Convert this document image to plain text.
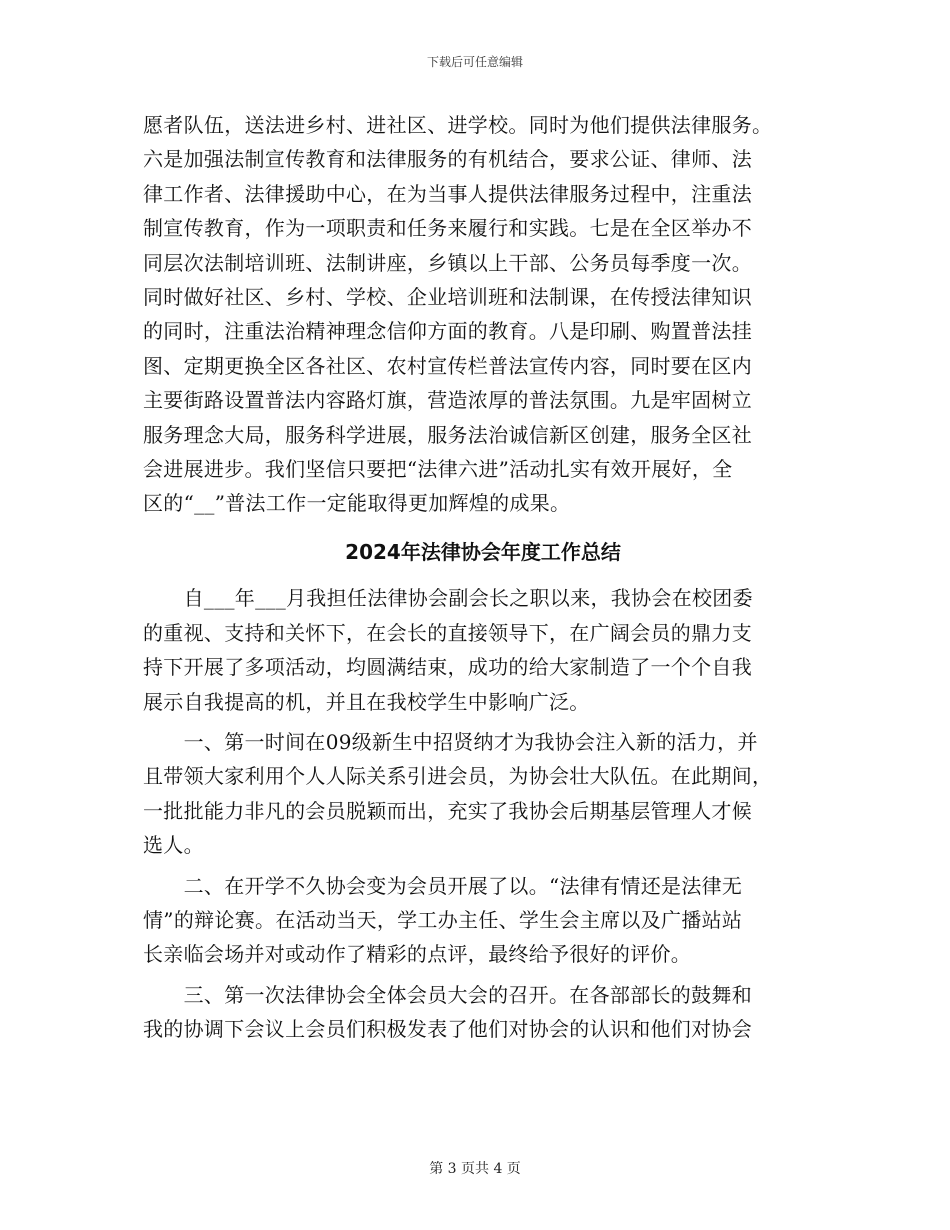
下载后可任意编辑
愿者队伍，送法进乡村、进社区、进学校。同时为他们提供法律服务。
六是加强法制宣传教育和法律服务的有机结合，要求公证、律师、法
律工作者、法律援助中心，在为当事人提供法律服务过程中，注重法
制宣传教育，作为一项职责和任务来履行和实践。七是在全区举办不
同层次法制培训班、法制讲座，乡镇以上干部、公务员每季度一次。
同时做好社区、乡村、学校、企业培训班和法制课，在传授法律知识
的同时，注重法治精神理念信仰方面的教育。八是印刷、购置普法挂
图、定期更换全区各社区、农村宣传栏普法宣传内容，同时要在区内
主要街路设置普法内容路灯旗，营造浓厚的普法氛围。九是牢固树立
服务理念大局，服务科学进展，服务法治诚信新区创建，服务全区社
会进展进步。我们坚信只要把“法律六进”活动扎实有效开展好，全
区的“__”普法工作一定能取得更加辉煌的成果。
2024年法律协会年度工作总结
　　自___年___月我担任法律协会副会长之职以来，我协会在校团委
的重视、支持和关怀下，在会长的直接领导下，在广阔会员的鼎力支
持下开展了多项活动，均圆满结束，成功的给大家制造了一个个自我
展示自我提高的机，并且在我校学生中影响广泛。
　　一、第一时间在09级新生中招贤纳才为我协会注入新的活力，并
且带领大家利用个人人际关系引进会员，为协会壮大队伍。在此期间，
一批批能力非凡的会员脱颖而出，充实了我协会后期基层管理人才候
选人。
　　二、在开学不久协会变为会员开展了以。“法律有情还是法律无
情”的辩论赛。在活动当天，学工办主任、学生会主席以及广播站站
长亲临会场并对或动作了精彩的点评，最终给予很好的评价。
　　三、第一次法律协会全体会员大会的召开。在各部部长的鼓舞和
我的协调下会议上会员们积极发表了他们对协会的认识和他们对协会
第 3 页共 4 页
